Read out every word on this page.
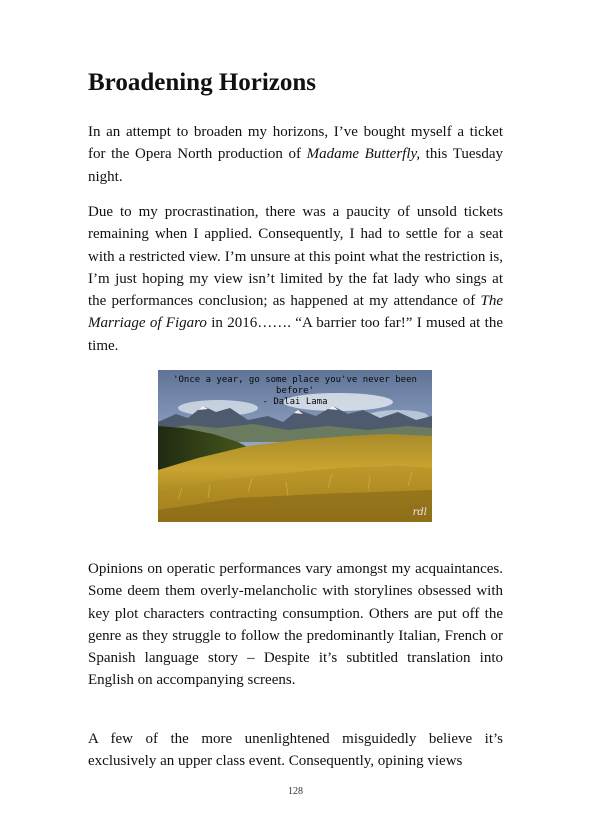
Broadening Horizons

In an attempt to broaden my horizons, I’ve bought myself a ticket for the Opera North production of Madame Butterfly, this Tuesday night.

Due to my procrastination, there was a paucity of unsold tickets remaining when I applied. Consequently, I had to settle for a seat with a restricted view. I’m unsure at this point what the restriction is, I’m just hoping my view isn’t limited by the fat lady who sings at the performances conclusion; as happened at my attendance of The Marriage of Figaro in 2016……. “A barrier too far!” I mused at the time.

'Once a year, go some place you've never been before'
- Dalai Lama
rdl

Opinions on operatic performances vary amongst my acquaintances. Some deem them overly-melancholic with storylines obsessed with key plot characters contracting consumption. Others are put off the genre as they struggle to follow the predominantly Italian, French or Spanish language story – Despite it’s subtitled translation into English on accompanying screens.

A few of the more unenlightened misguidedly believe it’s exclusively an upper class event. Consequently, opining views

128
